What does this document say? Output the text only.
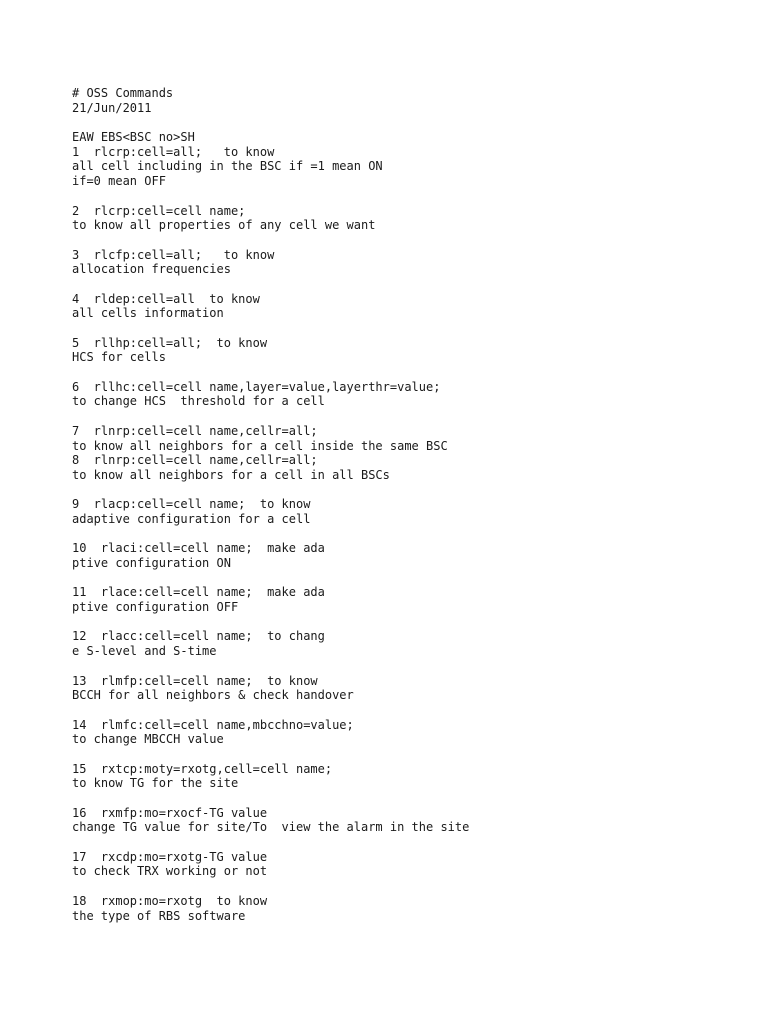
# OSS Commands
21/Jun/2011
EAW EBS<BSC no>SH
1  rlcrp:cell=all;   to know
all cell including in the BSC if =1 mean ON
if=0 mean OFF
2  rlcrp:cell=cell name;
to know all properties of any cell we want
3  rlcfp:cell=all;   to know
allocation frequencies
4  rldep:cell=all  to know
all cells information
5  rllhp:cell=all;  to know
HCS for cells
6  rllhc:cell=cell name,layer=value,layerthr=value;
to change HCS  threshold for a cell
7  rlnrp:cell=cell name,cellr=all;
to know all neighbors for a cell inside the same BSC
8  rlnrp:cell=cell name,cellr=all;
to know all neighbors for a cell in all BSCs
9  rlacp:cell=cell name;  to know
adaptive configuration for a cell
10  rlaci:cell=cell name;  make ada
ptive configuration ON
11  rlace:cell=cell name;  make ada
ptive configuration OFF
12  rlacc:cell=cell name;  to chang
e S-level and S-time
13  rlmfp:cell=cell name;  to know
BCCH for all neighbors & check handover
14  rlmfc:cell=cell name,mbcchno=value;
to change MBCCH value
15  rxtcp:moty=rxotg,cell=cell name;
to know TG for the site
16  rxmfp:mo=rxocf-TG value
change TG value for site/To  view the alarm in the site
17  rxcdp:mo=rxotg-TG value
to check TRX working or not
18  rxmop:mo=rxotg  to know
the type of RBS software
